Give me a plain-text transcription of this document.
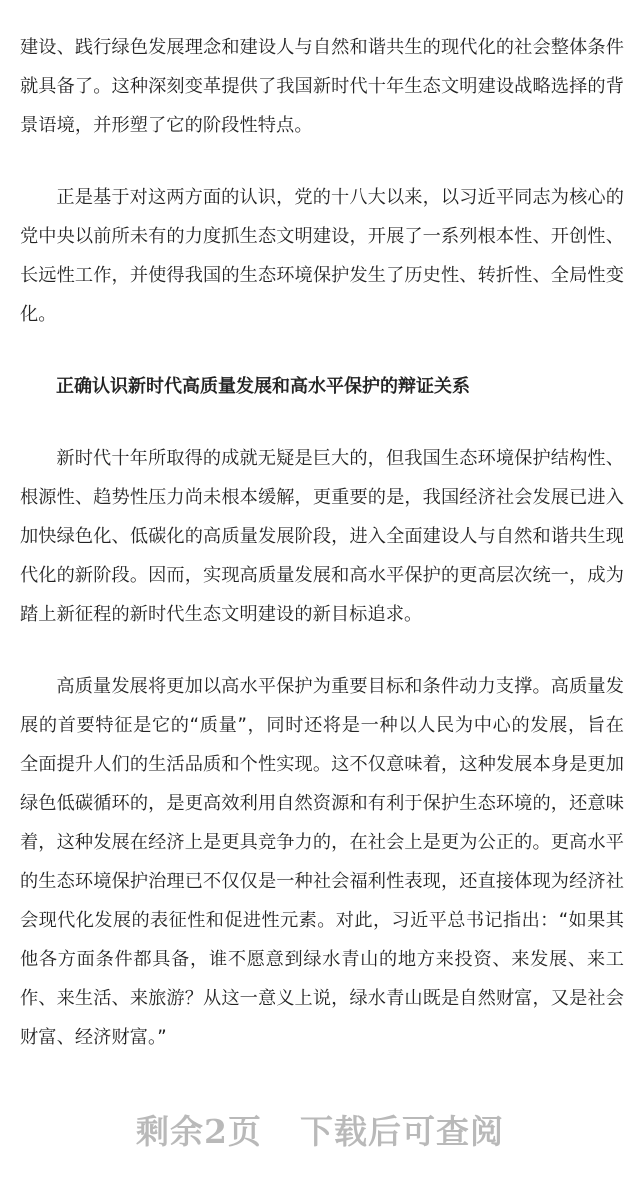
建设、践行绿色发展理念和建设人与自然和谐共生的现代化的社会整体条件就具备了。这种深刻变革提供了我国新时代十年生态文明建设战略选择的背景语境，并形塑了它的阶段性特点。

正是基于对这两方面的认识，党的十八大以来，以习近平同志为核心的党中央以前所未有的力度抓生态文明建设，开展了一系列根本性、开创性、长远性工作，并使得我国的生态环境保护发生了历史性、转折性、全局性变化。

正确认识新时代高质量发展和高水平保护的辩证关系

新时代十年所取得的成就无疑是巨大的，但我国生态环境保护结构性、根源性、趋势性压力尚未根本缓解，更重要的是，我国经济社会发展已进入加快绿色化、低碳化的高质量发展阶段，进入全面建设人与自然和谐共生现代化的新阶段。因而，实现高质量发展和高水平保护的更高层次统一，成为踏上新征程的新时代生态文明建设的新目标追求。

高质量发展将更加以高水平保护为重要目标和条件动力支撑。高质量发展的首要特征是它的“质量”，同时还将是一种以人民为中心的发展，旨在全面提升人们的生活品质和个性实现。这不仅意味着，这种发展本身是更加绿色低碳循环的，是更高效利用自然资源和有利于保护生态环境的，还意味着，这种发展在经济上是更具竞争力的，在社会上是更为公正的。更高水平的生态环境保护治理已不仅仅是一种社会福利性表现，还直接体现为经济社会现代化发展的表征性和促进性元素。对此，习近平总书记指出：“如果其他各方面条件都具备，谁不愿意到绿水青山的地方来投资、来发展、来工作、来生活、来旅游？从这一意义上说，绿水青山既是自然财富，又是社会财富、经济财富。”

剩余2页 下载后可查阅
